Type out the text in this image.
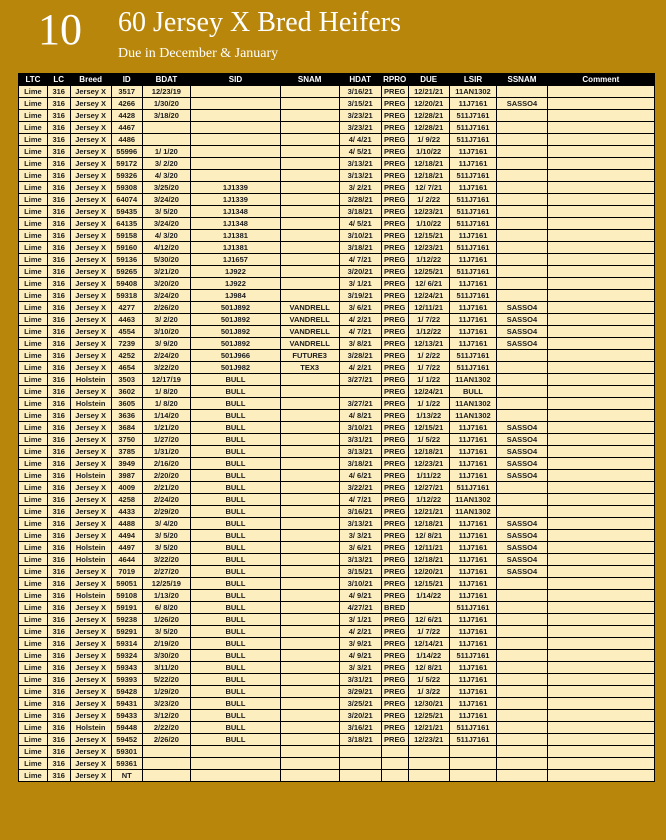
10 60 Jersey X Bred Heifers
Due in December & January
LTC	LC	Breed	ID	BDAT	SID	SNAM	HDAT	RPRO	DUE	LSIR	SSNAM	Comment
Lime	316	Jersey X	3517	12/23/19			3/16/21	PREG	12/21/21	11AN1302		
Lime	316	Jersey X	4266	1/30/20			3/15/21	PREG	12/20/21	11J7161	SASSO4	
Lime	316	Jersey X	4428	3/18/20			3/23/21	PREG	12/28/21	511J7161		
Lime	316	Jersey X	4467				3/23/21	PREG	12/28/21	511J7161		
Lime	316	Jersey X	4486				4/ 4/21	PREG	1/ 9/22	511J7161		
Lime	316	Jersey X	55996	1/ 1/20			4/ 5/21	PREG	1/10/22	11J7161		
Lime	316	Jersey X	59172	3/ 2/20			3/13/21	PREG	12/18/21	11J7161		
Lime	316	Jersey X	59326	4/ 3/20			3/13/21	PREG	12/18/21	511J7161		
Lime	316	Jersey X	59308	3/25/20	1J1339		3/ 2/21	PREG	12/ 7/21	11J7161		
Lime	316	Jersey X	64074	3/24/20	1J1339		3/28/21	PREG	1/ 2/22	511J7161		
Lime	316	Jersey X	59435	3/ 5/20	1J1348		3/18/21	PREG	12/23/21	511J7161		
Lime	316	Jersey X	64135	3/24/20	1J1348		4/ 5/21	PREG	1/10/22	511J7161		
Lime	316	Jersey X	59158	4/ 3/20	1J1381		3/10/21	PREG	12/15/21	11J7161		
Lime	316	Jersey X	59160	4/12/20	1J1381		3/18/21	PREG	12/23/21	511J7161		
Lime	316	Jersey X	59136	5/30/20	1J1657		4/ 7/21	PREG	1/12/22	11J7161		
Lime	316	Jersey X	59265	3/21/20	1J922		3/20/21	PREG	12/25/21	511J7161		
Lime	316	Jersey X	59408	3/20/20	1J922		3/ 1/21	PREG	12/ 6/21	11J7161		
Lime	316	Jersey X	59318	3/24/20	1J984		3/19/21	PREG	12/24/21	511J7161		
Lime	316	Jersey X	4277	2/26/20	501J892	VANDRELL	3/ 6/21	PREG	12/11/21	11J7161	SASSO4	
Lime	316	Jersey X	4463	3/ 2/20	501J892	VANDRELL	4/ 2/21	PREG	1/ 7/22	11J7161	SASSO4	
Lime	316	Jersey X	4554	3/10/20	501J892	VANDRELL	4/ 7/21	PREG	1/12/22	11J7161	SASSO4	
Lime	316	Jersey X	7239	3/ 9/20	501J892	VANDRELL	3/ 8/21	PREG	12/13/21	11J7161	SASSO4	
Lime	316	Jersey X	4252	2/24/20	501J966	FUTURE3	3/28/21	PREG	1/ 2/22	511J7161		
Lime	316	Jersey X	4654	3/22/20	501J982	TEX3	4/ 2/21	PREG	1/ 7/22	511J7161		
Lime	316	Holstein	3503	12/17/19	BULL		3/27/21	PREG	1/ 1/22	11AN1302		
Lime	316	Jersey X	3602	1/ 8/20	BULL			PREG	12/24/21	BULL		
Lime	316	Holstein	3605	1/ 8/20	BULL		3/27/21	PREG	1/ 1/22	11AN1302		
Lime	316	Jersey X	3636	1/14/20	BULL		4/ 8/21	PREG	1/13/22	11AN1302		
Lime	316	Jersey X	3684	1/21/20	BULL		3/10/21	PREG	12/15/21	11J7161	SASSO4	
Lime	316	Jersey X	3750	1/27/20	BULL		3/31/21	PREG	1/ 5/22	11J7161	SASSO4	
Lime	316	Jersey X	3785	1/31/20	BULL		3/13/21	PREG	12/18/21	11J7161	SASSO4	
Lime	316	Jersey X	3949	2/16/20	BULL		3/18/21	PREG	12/23/21	11J7161	SASSO4	
Lime	316	Holstein	3987	2/20/20	BULL		4/ 6/21	PREG	1/11/22	11J7161	SASSO4	
Lime	316	Jersey X	4009	2/21/20	BULL		3/22/21	PREG	12/27/21	511J7161		
Lime	316	Jersey X	4258	2/24/20	BULL		4/ 7/21	PREG	1/12/22	11AN1302		
Lime	316	Jersey X	4433	2/29/20	BULL		3/16/21	PREG	12/21/21	11AN1302		
Lime	316	Jersey X	4488	3/ 4/20	BULL		3/13/21	PREG	12/18/21	11J7161	SASSO4	
Lime	316	Jersey X	4494	3/ 5/20	BULL		3/ 3/21	PREG	12/ 8/21	11J7161	SASSO4	
Lime	316	Holstein	4497	3/ 5/20	BULL		3/ 6/21	PREG	12/11/21	11J7161	SASSO4	
Lime	316	Holstein	4644	3/22/20	BULL		3/13/21	PREG	12/18/21	11J7161	SASSO4	
Lime	316	Jersey X	7019	2/27/20	BULL		3/15/21	PREG	12/20/21	11J7161	SASSO4	
Lime	316	Jersey X	59051	12/25/19	BULL		3/10/21	PREG	12/15/21	11J7161		
Lime	316	Holstein	59108	1/13/20	BULL		4/ 9/21	PREG	1/14/22	11J7161		
Lime	316	Jersey X	59191	6/ 8/20	BULL		4/27/21	BRED		511J7161		
Lime	316	Jersey X	59238	1/26/20	BULL		3/ 1/21	PREG	12/ 6/21	11J7161		
Lime	316	Jersey X	59291	3/ 5/20	BULL		4/ 2/21	PREG	1/ 7/22	11J7161		
Lime	316	Jersey X	59314	2/19/20	BULL		3/ 9/21	PREG	12/14/21	11J7161		
Lime	316	Jersey X	59324	3/30/20	BULL		4/ 9/21	PREG	1/14/22	511J7161		
Lime	316	Jersey X	59343	3/11/20	BULL		3/ 3/21	PREG	12/ 8/21	11J7161		
Lime	316	Jersey X	59393	5/22/20	BULL		3/31/21	PREG	1/ 5/22	11J7161		
Lime	316	Jersey X	59428	1/29/20	BULL		3/29/21	PREG	1/ 3/22	11J7161		
Lime	316	Jersey X	59431	3/23/20	BULL		3/25/21	PREG	12/30/21	11J7161		
Lime	316	Jersey X	59433	3/12/20	BULL		3/20/21	PREG	12/25/21	11J7161		
Lime	316	Holstein	59448	2/22/20	BULL		3/16/21	PREG	12/21/21	511J7161		
Lime	316	Jersey X	59452	2/26/20	BULL		3/18/21	PREG	12/23/21	511J7161		
Lime	316	Jersey X	59301									
Lime	316	Jersey X	59361									
Lime	316	Jersey X	NT									
